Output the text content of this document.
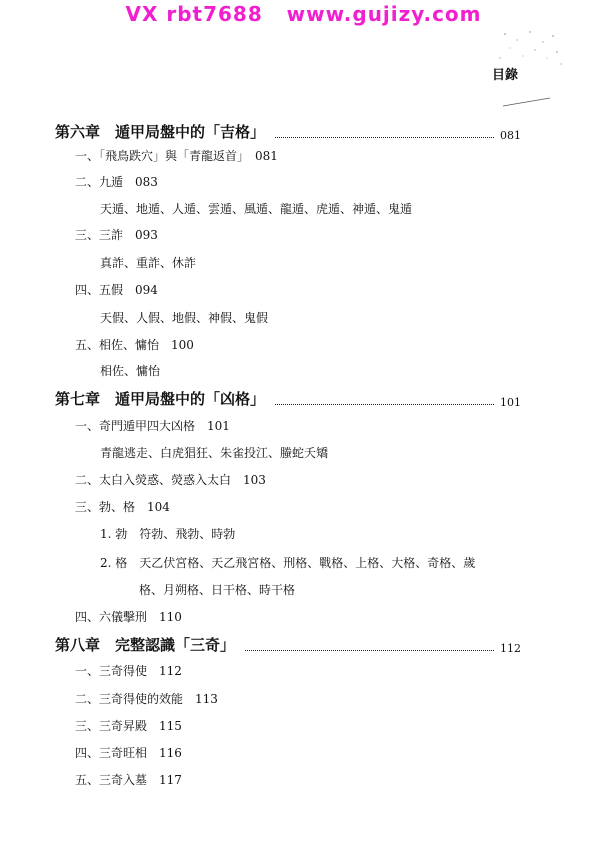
VX rbt7688   www.gujizy.com
目錄
第六章　遁甲局盤中的「吉格」	081
一、「飛鳥跌穴」與「青龍返首」　081
二、九遁　083
天遁、地遁、人遁、雲遁、風遁、龍遁、虎遁、神遁、鬼遁
三、三詐　093
真詐、重詐、休詐
四、五假　094
天假、人假、地假、神假、鬼假
五、相佐、慵怡　100
相佐、慵怡
第七章　遁甲局盤中的「凶格」	101
一、奇門遁甲四大凶格　101
青龍逃走、白虎猖狂、朱雀投江、螣蛇夭矯
二、太白入熒惑、熒惑入太白　103
三、勃、格　104
1. 勃　符勃、飛勃、時勃
2. 格　天乙伏宮格、天乙飛宮格、刑格、戰格、上格、大格、奇格、歲
格、月朔格、日干格、時干格
四、六儀擊刑　110
第八章　完整認識「三奇」	112
一、三奇得使　112
二、三奇得使的效能　113
三、三奇昇殿　115
四、三奇旺相　116
五、三奇入墓　117
